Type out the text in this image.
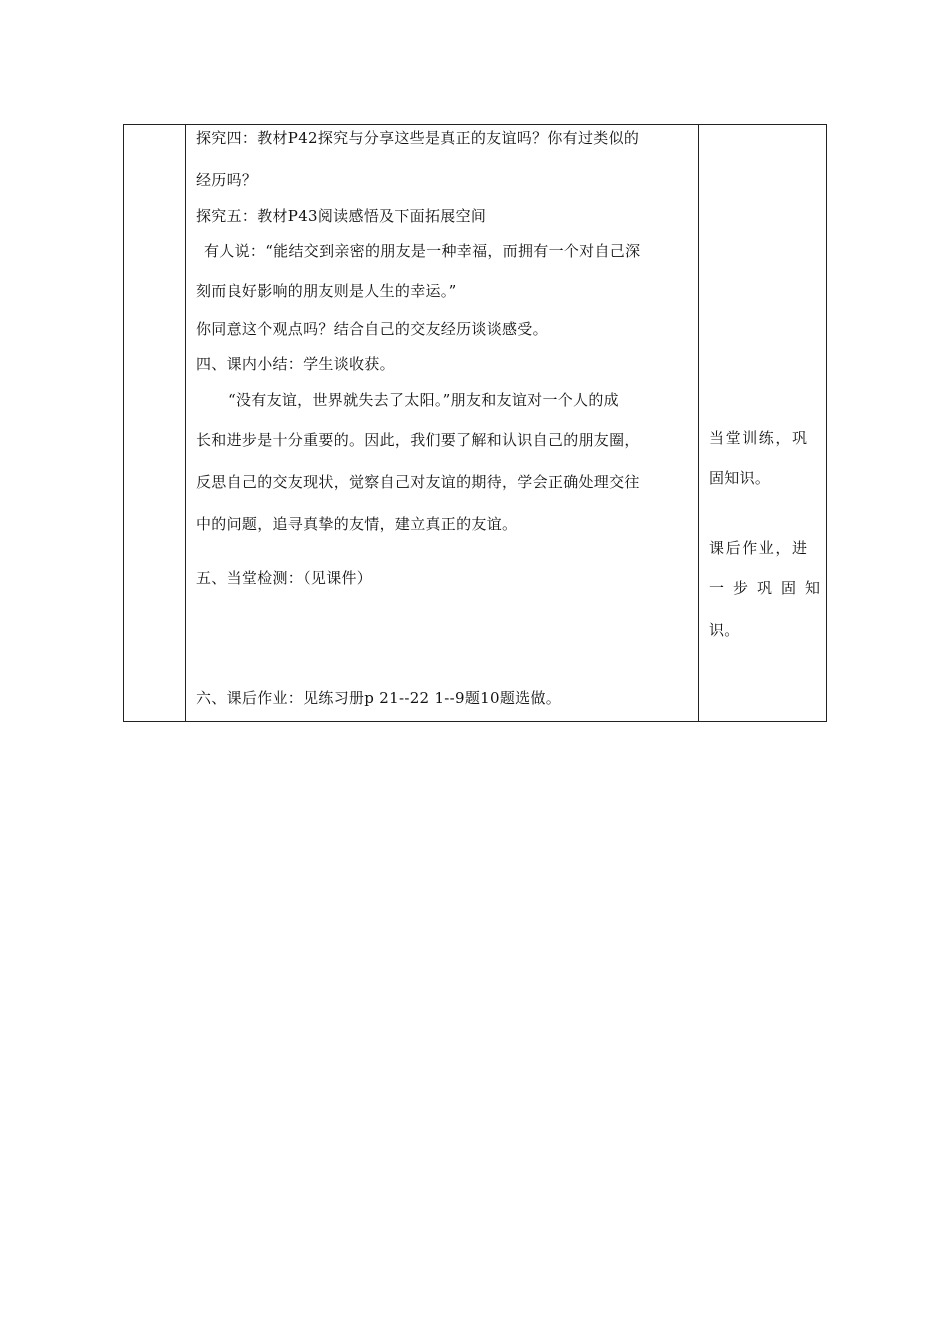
探究四：教材P42探究与分享这些是真正的友谊吗？你有过类似的
经历吗？
探究五：教材P43阅读感悟及下面拓展空间
有人说：“能结交到亲密的朋友是一种幸福，而拥有一个对自己深
刻而良好影响的朋友则是人生的幸运。”
你同意这个观点吗？结合自己的交友经历谈谈感受。
四、课内小结：学生谈收获。
“没有友谊，世界就失去了太阳。”朋友和友谊对一个人的成
长和进步是十分重要的。因此，我们要了解和认识自己的朋友圈，
反思自己的交友现状，觉察自己对友谊的期待，学会正确处理交往
中的问题，追寻真挚的友情，建立真正的友谊。
五、当堂检测：（见课件）
六、课后作业：见练习册p 21--22 1--9题10题选做。
当堂训练，巩
固知识。
课后作业，进
一步巩固知
识。
